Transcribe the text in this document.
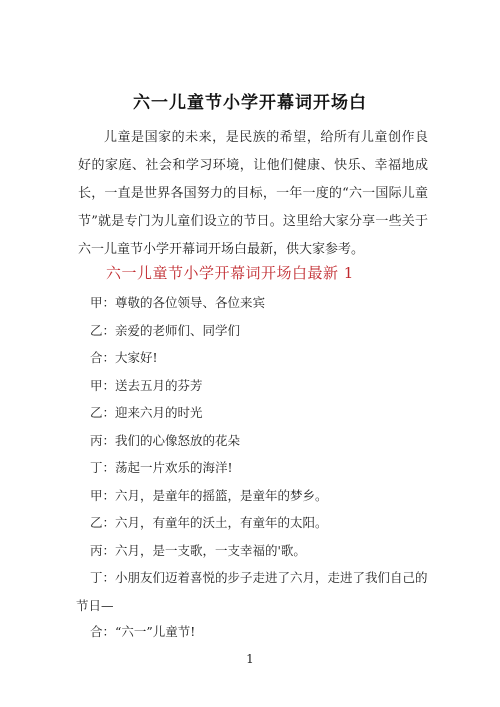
六一儿童节小学开幕词开场白

儿童是国家的未来，是民族的希望，给所有儿童创作良好的家庭、社会和学习环境，让他们健康、快乐、幸福地成长，一直是世界各国努力的目标，一年一度的“六一国际儿童节”就是专门为儿童们设立的节日。这里给大家分享一些关于六一儿童节小学开幕词开场白最新，供大家参考。

六一儿童节小学开幕词开场白最新 1
甲：尊敬的各位领导、各位来宾
乙：亲爱的老师们、同学们
合：大家好!
甲：送去五月的芬芳
乙：迎来六月的时光
丙：我们的心像怒放的花朵
丁：荡起一片欢乐的海洋!
甲：六月，是童年的摇篮，是童年的梦乡。
乙：六月，有童年的沃土，有童年的太阳。
丙：六月，是一支歌，一支幸福的'歌。
丁：小朋友们迈着喜悦的步子走进了六月，走进了我们自己的
节日—
合：“六一”儿童节!
1
